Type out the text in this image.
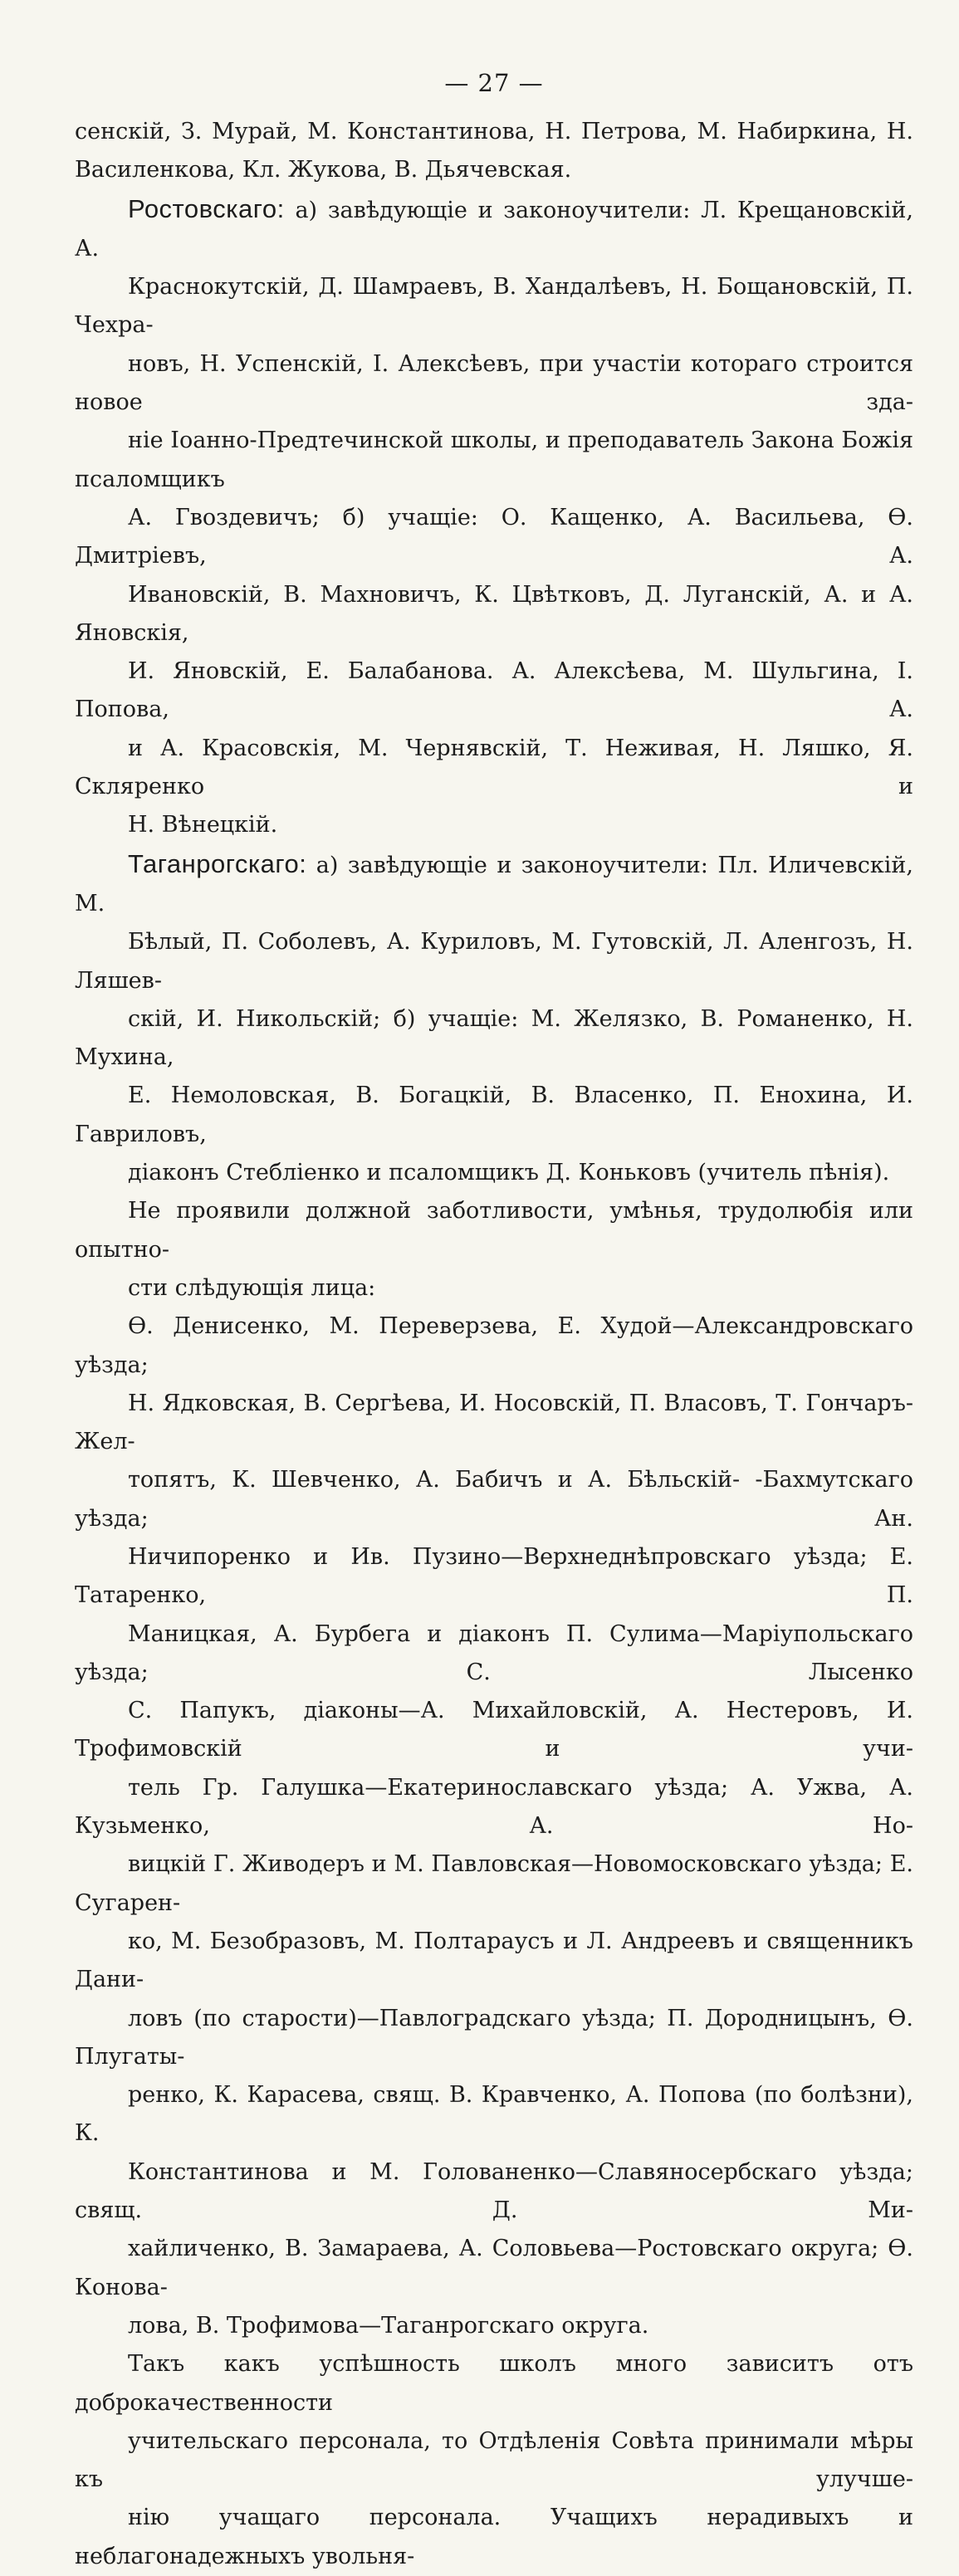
— 27 —

сенскій, З. Мурай, М. Константинова, Н. Петрова, М. Набиркина, Н.
Василенкова, Кл. Жукова, В. Дьячевская.

Ростовскаго: а) завѣдующіе и законоучители: Л. Крещановскій, А.
Краснокутскій, Д. Шамраевъ, В. Хандалѣевъ, Н. Бощановскій, П. Чехра-
новъ, Н. Успенскій, І. Алексѣевъ, при участіи котораго строится новое зда-
ніе Іоанно-Предтечинской школы, и преподаватель Закона Божія псаломщикъ
А. Гвоздевичъ; б) учащіе: О. Кащенко, А. Васильева, Ѳ. Дмитріевъ, А.
Ивановскій, В. Махновичъ, К. Цвѣтковъ, Д. Луганскій, А. и А. Яновскія,
И. Яновскій, Е. Балабанова. А. Алексѣева, М. Шульгина, І. Попова, А.
и А. Красовскія, М. Чернявскій, Т. Неживая, Н. Ляшко, Я. Скляренко и
Н. Вѣнецкій.

Таганрогскаго: а) завѣдующіе и законоучители: Пл. Иличевскій, М.
Бѣлый, П. Соболевъ, А. Куриловъ, М. Гутовскій, Л. Аленгозъ, Н. Ляшев-
скій, И. Никольскій; б) учащіе: М. Желязко, В. Романенко, Н. Мухина,
Е. Немоловская, В. Богацкій, В. Власенко, П. Енохина, И. Гавриловъ,
діаконъ Стебліенко и псаломщикъ Д. Коньковъ (учитель пѣнія).

Не проявили должной заботливости, умѣнья, трудолюбія или опытно-
сти слѣдующія лица:

Ѳ. Денисенко, М. Переверзева, Е. Худой—Александровскаго уѣзда;
Н. Ядковская, В. Сергѣева, И. Носовскій, П. Власовъ, Т. Гончаръ-Жел-
топятъ, К. Шевченко, А. Бабичъ и А. Бѣльскій- -Бахмутскаго уѣзда; Ан.
Ничипоренко и Ив. Пузино—Верхнеднѣпровскаго уѣзда; Е. Татаренко, П.
Маницкая, А. Бурбега и діаконъ П. Сулима—Маріупольскаго уѣзда; С. Лысенко
С. Папукъ, діаконы—А. Михайловскій, А. Нестеровъ, И. Трофимовскій и учи-
тель Гр. Галушка—Екатеринославскаго уѣзда; А. Ужва, А. Кузьменко, А. Но-
вицкій Г. Живодеръ и М. Павловская—Новомосковскаго уѣзда; Е. Сугарен-
ко, М. Безобразовъ, М. Полтараусъ и Л. Андреевъ и священникъ Дани-
ловъ (по старости)—Павлоградскаго уѣзда; П. Дородницынъ, Ѳ. Плугаты-
ренко, К. Карасева, свящ. В. Кравченко, А. Попова (по болѣзни), К.
Константинова и М. Голованенко—Славяносербскаго уѣзда; свящ. Д. Ми-
хайличенко, В. Замараева, А. Соловьева—Ростовскаго округа; Ѳ. Конова-
лова, В. Трофимова—Таганрогскаго округа.

Такъ какъ успѣшность школъ много зависитъ отъ доброкачественности
учительскаго персонала, то Отдѣленія Совѣта принимали мѣры къ улучше-
нію учащаго персонала. Учащихъ нерадивыхъ и неблагонадежныхъ увольня-
